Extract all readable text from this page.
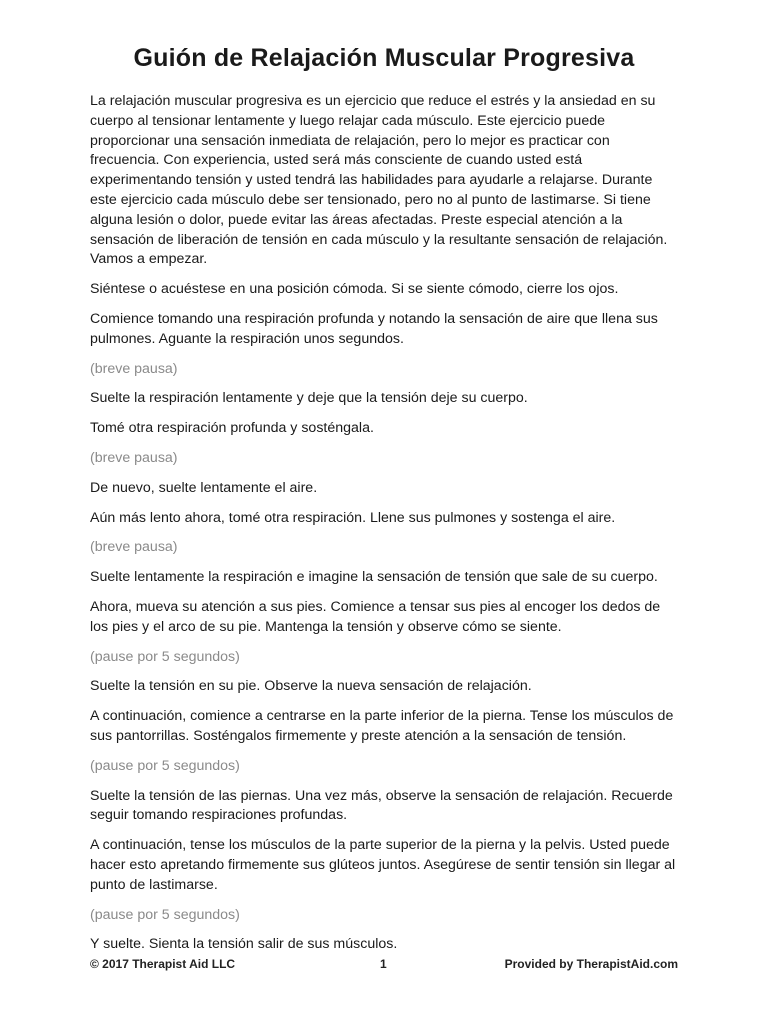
Guión de Relajación Muscular Progresiva

La relajación muscular progresiva es un ejercicio que reduce el estrés y la ansiedad en su cuerpo al tensionar lentamente y luego relajar cada músculo. Este ejercicio puede proporcionar una sensación inmediata de relajación, pero lo mejor es practicar con frecuencia. Con experiencia, usted será más consciente de cuando usted está experimentando tensión y usted tendrá las habilidades para ayudarle a relajarse. Durante este ejercicio cada músculo debe ser tensionado, pero no al punto de lastimarse. Si tiene alguna lesión o dolor, puede evitar las áreas afectadas. Preste especial atención a la sensación de liberación de tensión en cada músculo y la resultante sensación de relajación. Vamos a empezar.

Siéntese o acuéstese en una posición cómoda. Si se siente cómodo, cierre los ojos.

Comience tomando una respiración profunda y notando la sensación de aire que llena sus pulmones. Aguante la respiración unos segundos.

(breve pausa)

Suelte la respiración lentamente y deje que la tensión deje su cuerpo.

Tomé otra respiración profunda y sosténgala.

(breve pausa)

De nuevo, suelte lentamente el aire.

Aún más lento ahora, tomé otra respiración. Llene sus pulmones y sostenga el aire.

(breve pausa)

Suelte lentamente la respiración e imagine la sensación de tensión que sale de su cuerpo.

Ahora, mueva su atención a sus pies. Comience a tensar sus pies al encoger los dedos de los pies y el arco de su pie. Mantenga la tensión y observe cómo se siente.

(pause por 5 segundos)

Suelte la tensión en su pie. Observe la nueva sensación de relajación.

A continuación, comience a centrarse en la parte inferior de la pierna. Tense los músculos de sus pantorrillas. Sosténgalos firmemente y preste atención a la sensación de tensión.

(pause por 5 segundos)

Suelte la tensión de las piernas. Una vez más, observe la sensación de relajación. Recuerde seguir tomando respiraciones profundas.

A continuación, tense los músculos de la parte superior de la pierna y la pelvis. Usted puede hacer esto apretando firmemente sus glúteos juntos. Asegúrese de sentir tensión sin llegar al punto de lastimarse.

(pause por 5 segundos)

Y suelte. Sienta la tensión salir de sus músculos.

© 2017 Therapist Aid LLC	1	Provided by TherapistAid.com
